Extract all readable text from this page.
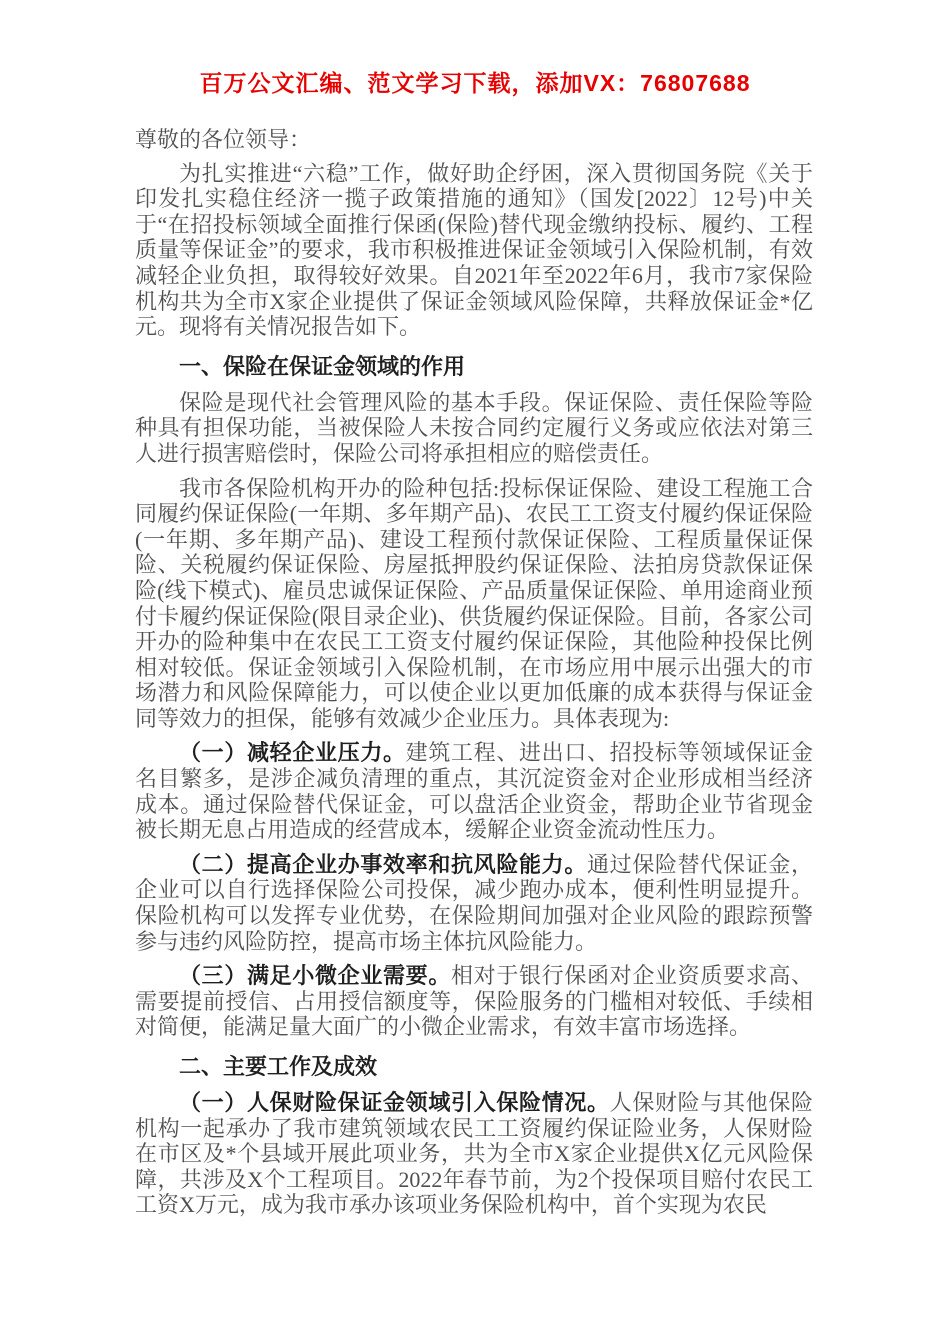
百万公文汇编、范文学习下载，添加VX：76807688

尊敬的各位领导：

为扎实推进“六稳”工作，做好助企纾困，深入贯彻国务院《关于印发扎实稳住经济一揽子政策措施的通知》（国发[2022〕12号)中关于“在招投标领域全面推行保函(保险)替代现金缴纳投标、履约、工程质量等保证金”的要求，我市积极推进保证金领域引入保险机制，有效减轻企业负担，取得较好效果。自2021年至2022年6月，我市7家保险机构共为全市X家企业提供了保证金领域风险保障，共释放保证金*亿元。现将有关情况报告如下。

一、保险在保证金领域的作用

保险是现代社会管理风险的基本手段。保证保险、责任保险等险种具有担保功能，当被保险人未按合同约定履行义务或应依法对第三人进行损害赔偿时，保险公司将承担相应的赔偿责任。

我市各保险机构开办的险种包括:投标保证保险、建设工程施工合同履约保证保险(一年期、多年期产品)、农民工工资支付履约保证保险(一年期、多年期产品)、建设工程预付款保证保险、工程质量保证保险、关税履约保证保险、房屋抵押股约保证保险、法拍房贷款保证保险(线下模式)、雇员忠诚保证保险、产品质量保证保险、单用途商业预付卡履约保证保险(限目录企业)、供货履约保证保险。目前，各家公司开办的险种集中在农民工工资支付履约保证保险，其他险种投保比例相对较低。保证金领域引入保险机制，在市场应用中展示出强大的市场潜力和风险保障能力，可以使企业以更加低廉的成本获得与保证金同等效力的担保，能够有效减少企业压力。具体表现为:

（一）减轻企业压力。建筑工程、进出口、招投标等领域保证金名目繁多，是涉企减负清理的重点，其沉淀资金对企业形成相当经济成本。通过保险替代保证金，可以盘活企业资金，帮助企业节省现金被长期无息占用造成的经营成本，缓解企业资金流动性压力。

（二）提高企业办事效率和抗风险能力。通过保险替代保证金，企业可以自行选择保险公司投保，减少跑办成本，便利性明显提升。保险机构可以发挥专业优势，在保险期间加强对企业风险的跟踪预警参与违约风险防控，提高市场主体抗风险能力。

（三）满足小微企业需要。相对于银行保函对企业资质要求高、需要提前授信、占用授信额度等，保险服务的门槛相对较低、手续相对简便，能满足量大面广的小微企业需求，有效丰富市场选择。

二、主要工作及成效

（一）人保财险保证金领域引入保险情况。人保财险与其他保险机构一起承办了我市建筑领域农民工工资履约保证险业务，人保财险在市区及*个县域开展此项业务，共为全市X家企业提供X亿元风险保障，共涉及X个工程项目。2022年春节前，为2个投保项目赔付农民工工资X万元，成为我市承办该项业务保险机构中，首个实现为农民
